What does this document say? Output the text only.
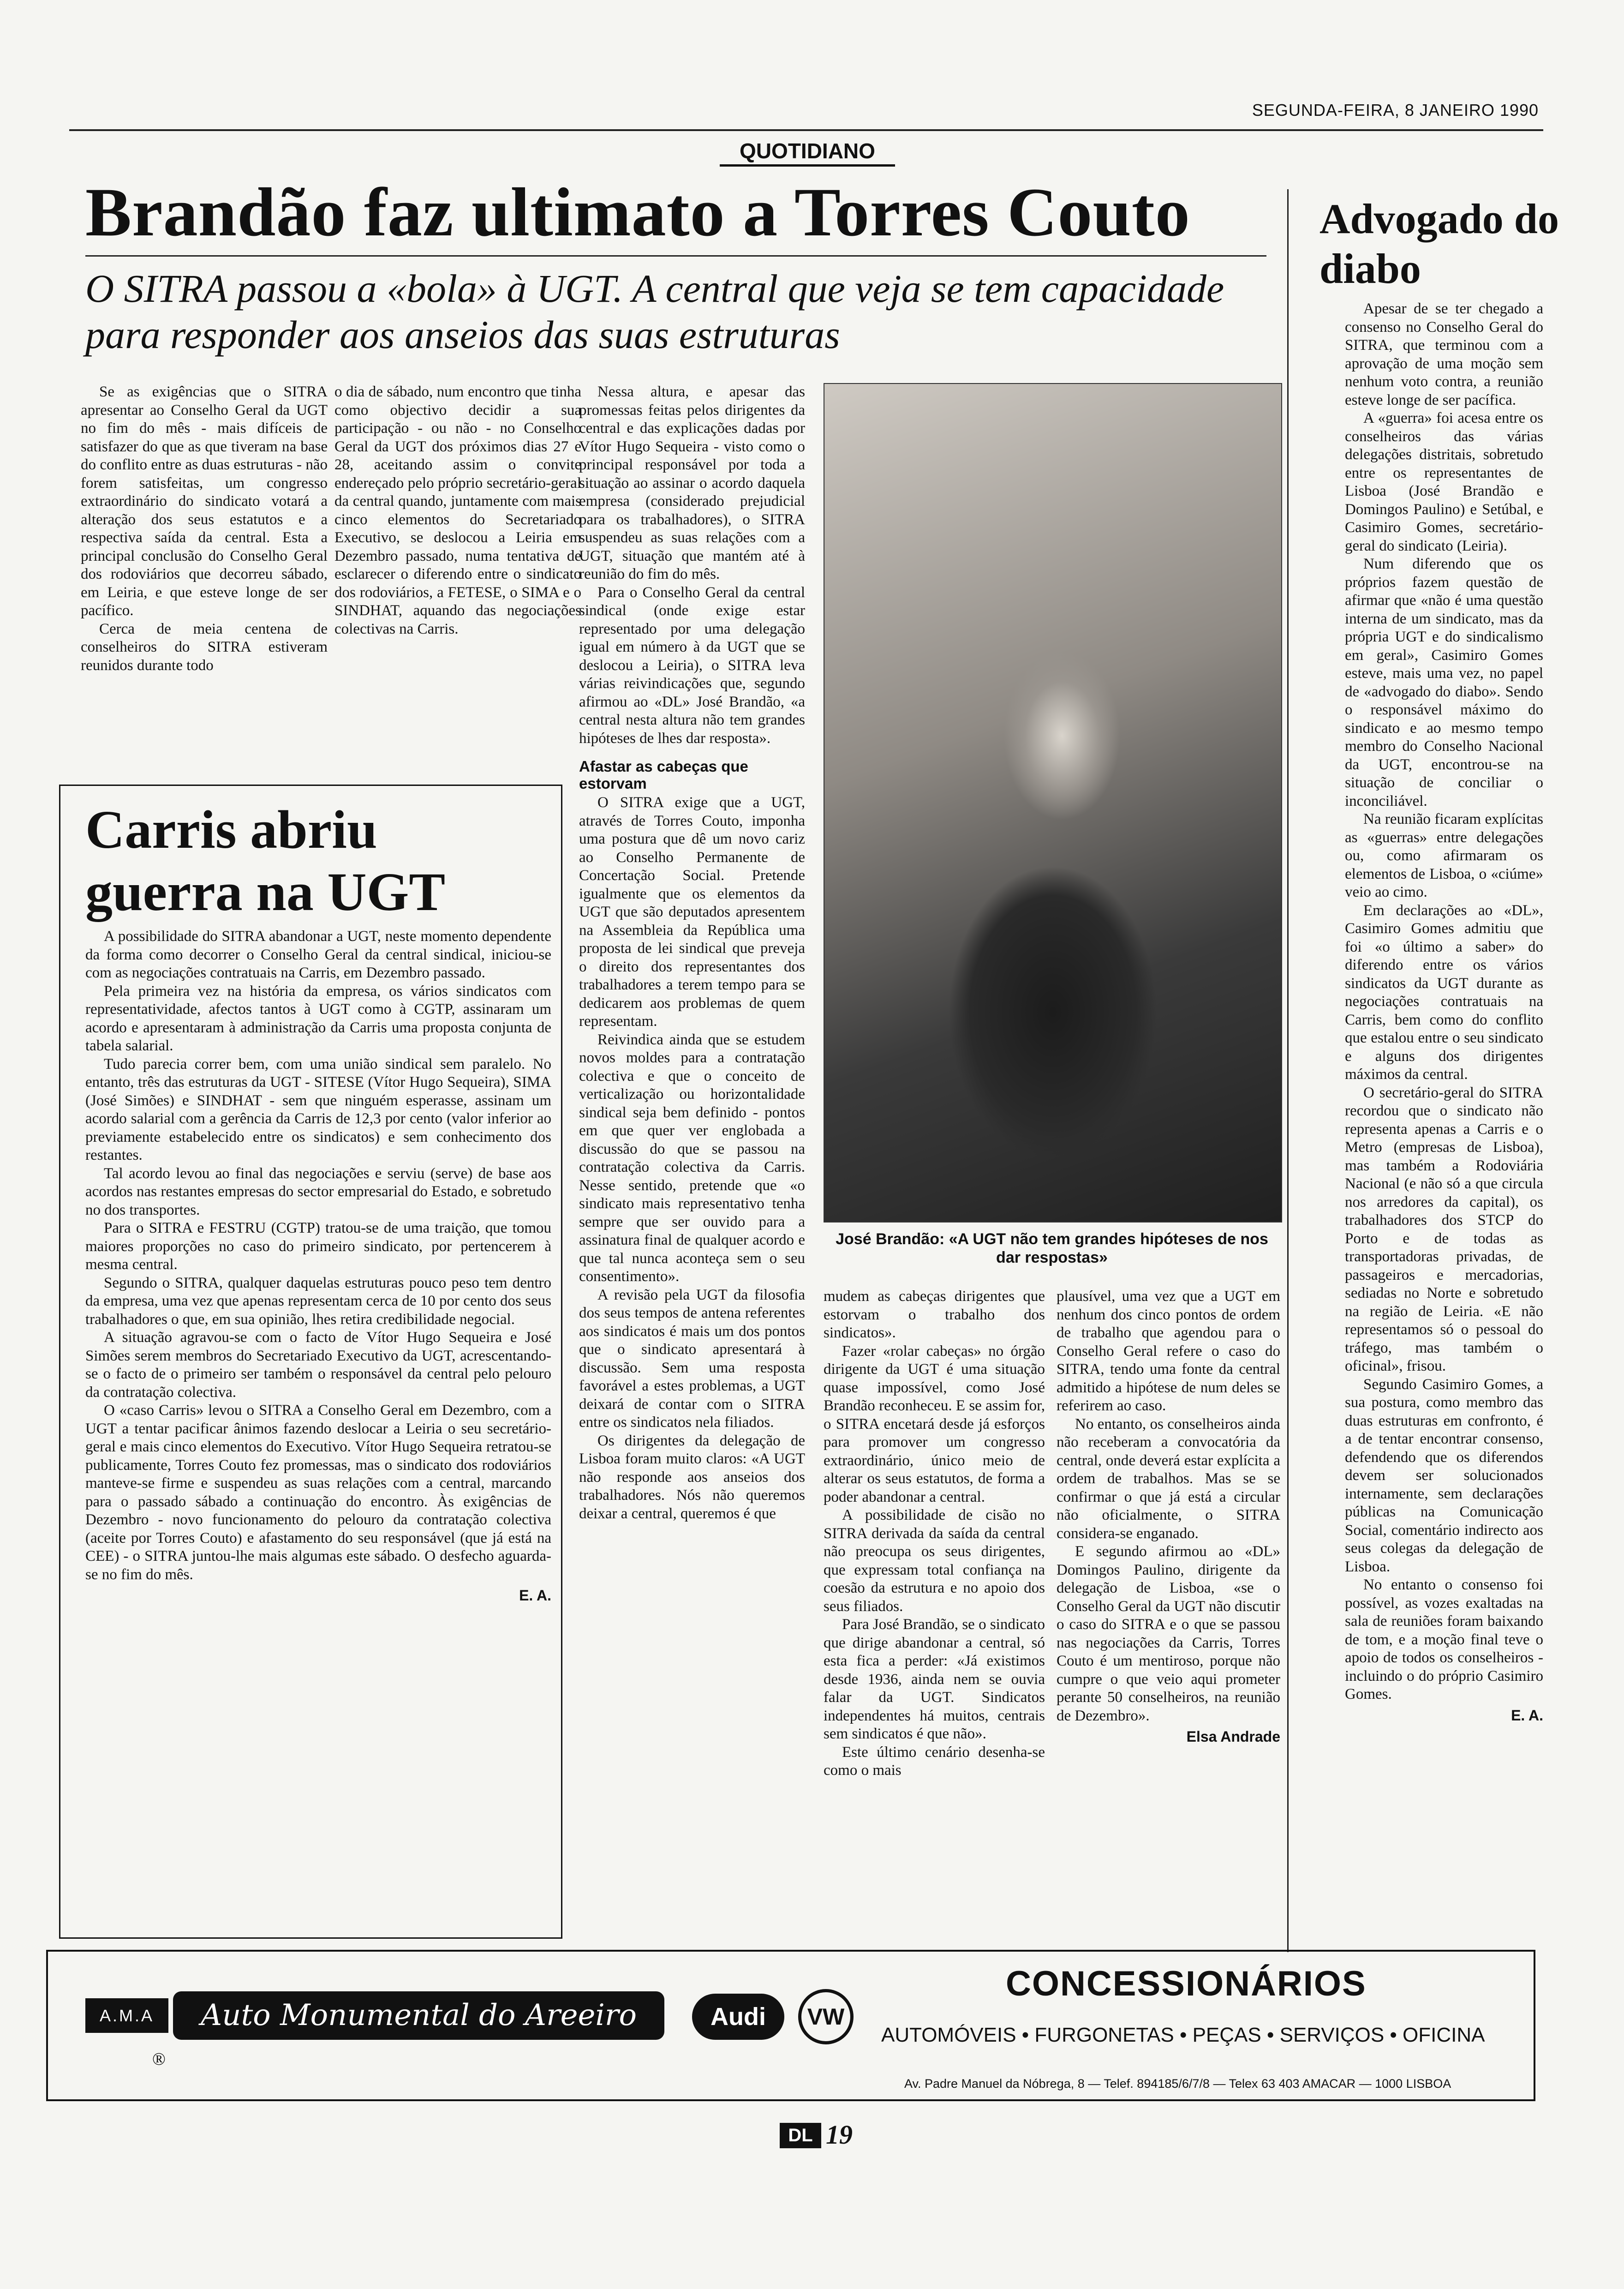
SEGUNDA-FEIRA, 8 JANEIRO 1990
QUOTIDIANO
Brandão faz ultimato a Torres Couto
O SITRA passou a «bola» à UGT. A central que veja se tem capacidade para responder aos anseios das suas estruturas

Se as exigências que o SITRA apresentar ao Conselho Geral da UGT no fim do mês - mais difíceis de satisfazer do que as que tiveram na base do conflito entre as duas estruturas - não forem satisfeitas, um congresso extraordinário do sindicato votará a alteração dos seus estatutos e a respectiva saída da central. Esta a principal conclusão do Conselho Geral dos rodoviários que decorreu sábado, em Leiria, e que esteve longe de ser pacífico.

Cerca de meia centena de conselheiros do SITRA estiveram reunidos durante todo

o dia de sábado, num encontro que tinha como objectivo decidir a sua participação - ou não - no Conselho Geral da UGT dos próximos dias 27 e 28, aceitando assim o convite endereçado pelo próprio secretário-geral da central quando, juntamente com mais cinco elementos do Secretariado Executivo, se deslocou a Leiria em Dezembro passado, numa tentativa de esclarecer o diferendo entre o sindicato dos rodoviários, a FETESE, o SIMA e o SINDHAT, aquando das negociações colectivas na Carris.

Nessa altura, e apesar das promessas feitas pelos dirigentes da central e das explicações dadas por Vítor Hugo Sequeira - visto como o principal responsável por toda a situação ao assinar o acordo daquela empresa (considerado prejudicial para os trabalhadores), o SITRA suspendeu as suas relações com a UGT, situação que mantém até à reunião do fim do mês.

Para o Conselho Geral da central sindical (onde exige estar representado por uma delegação igual em número à da UGT que se deslocou a Leiria), o SITRA leva várias reivindicações que, segundo afirmou ao «DL» José Brandão, «a central nesta altura não tem grandes hipóteses de lhes dar resposta».

Afastar as cabeças que estorvam

O SITRA exige que a UGT, através de Torres Couto, imponha uma postura que dê um novo cariz ao Conselho Permanente de Concertação Social. Pretende igualmente que os elementos da UGT que são deputados apresentem na Assembleia da República uma proposta de lei sindical que preveja o direito dos representantes dos trabalhadores a terem tempo para se dedicarem aos problemas de quem representam.

Reivindica ainda que se estudem novos moldes para a contratação colectiva e que o conceito de verticalização ou horizontalidade sindical seja bem definido - pontos em que quer ver englobada a discussão do que se passou na contratação colectiva da Carris. Nesse sentido, pretende que «o sindicato mais representativo tenha sempre que ser ouvido para a assinatura final de qualquer acordo e que tal nunca aconteça sem o seu consentimento».

A revisão pela UGT da filosofia dos seus tempos de antena referentes aos sindicatos é mais um dos pontos que o sindicato apresentará à discussão. Sem uma resposta favorável a estes problemas, a UGT deixará de contar com o SITRA entre os sindicatos nela filiados.

Os dirigentes da delegação de Lisboa foram muito claros: «A UGT não responde aos anseios dos trabalhadores. Nós não queremos deixar a central, queremos é que

José Brandão: «A UGT não tem grandes hipóteses de nos dar respostas»

mudem as cabeças dirigentes que estorvam o trabalho dos sindicatos».

Fazer «rolar cabeças» no órgão dirigente da UGT é uma situação quase impossível, como José Brandão reconheceu. E se assim for, o SITRA encetará desde já esforços para promover um congresso extraordinário, único meio de alterar os seus estatutos, de forma a poder abandonar a central.

A possibilidade de cisão no SITRA derivada da saída da central não preocupa os seus dirigentes, que expressam total confiança na coesão da estrutura e no apoio dos seus filiados.

Para José Brandão, se o sindicato que dirige abandonar a central, só esta fica a perder: «Já existimos desde 1936, ainda nem se ouvia falar da UGT. Sindicatos independentes há muitos, centrais sem sindicatos é que não».

Este último cenário desenha-se como o mais

plausível, uma vez que a UGT em nenhum dos cinco pontos de ordem de trabalho que agendou para o Conselho Geral refere o caso do SITRA, tendo uma fonte da central admitido a hipótese de num deles se referirem ao caso.

No entanto, os conselheiros ainda não receberam a convocatória da central, onde deverá estar explícita a ordem de trabalhos. Mas se se confirmar o que já está a circular não oficialmente, o SITRA considera-se enganado.

E segundo afirmou ao «DL» Domingos Paulino, dirigente da delegação de Lisboa, «se o Conselho Geral da UGT não discutir o caso do SITRA e o que se passou nas negociações da Carris, Torres Couto é um mentiroso, porque não cumpre o que veio aqui prometer perante 50 conselheiros, na reunião de Dezembro».

Elsa Andrade
Carris abriu guerra na UGT

A possibilidade do SITRA abandonar a UGT, neste momento dependente da forma como decorrer o Conselho Geral da central sindical, iniciou-se com as negociações contratuais na Carris, em Dezembro passado.

Pela primeira vez na história da empresa, os vários sindicatos com representatividade, afectos tantos à UGT como à CGTP, assinaram um acordo e apresentaram à administração da Carris uma proposta conjunta de tabela salarial.

Tudo parecia correr bem, com uma união sindical sem paralelo. No entanto, três das estruturas da UGT - SITESE (Vítor Hugo Sequeira), SIMA (José Simões) e SINDHAT - sem que ninguém esperasse, assinam um acordo salarial com a gerência da Carris de 12,3 por cento (valor inferior ao previamente estabelecido entre os sindicatos) e sem conhecimento dos restantes.

Tal acordo levou ao final das negociações e serviu (serve) de base aos acordos nas restantes empresas do sector empresarial do Estado, e sobretudo no dos transportes.

Para o SITRA e FESTRU (CGTP) tratou-se de uma traição, que tomou maiores proporções no caso do primeiro sindicato, por pertencerem à mesma central.

Segundo o SITRA, qualquer daquelas estruturas pouco peso tem dentro da empresa, uma vez que apenas representam cerca de 10 por cento dos seus trabalhadores o que, em sua opinião, lhes retira credibilidade negocial.

A situação agravou-se com o facto de Vítor Hugo Sequeira e José Simões serem membros do Secretariado Executivo da UGT, acrescentando-se o facto de o primeiro ser também o responsável da central pelo pelouro da contratação colectiva.

O «caso Carris» levou o SITRA a Conselho Geral em Dezembro, com a UGT a tentar pacificar ânimos fazendo deslocar a Leiria o seu secretário-geral e mais cinco elementos do Executivo. Vítor Hugo Sequeira retratou-se publicamente, Torres Couto fez promessas, mas o sindicato dos rodoviários manteve-se firme e suspendeu as suas relações com a central, marcando para o passado sábado a continuação do encontro. Às exigências de Dezembro - novo funcionamento do pelouro da contratação colectiva (aceite por Torres Couto) e afastamento do seu responsável (que já está na CEE) - o SITRA juntou-lhe mais algumas este sábado. O desfecho aguarda-se no fim do mês.

E. A.
Advogado do diabo

Apesar de se ter chegado a consenso no Conselho Geral do SITRA, que terminou com a aprovação de uma moção sem nenhum voto contra, a reunião esteve longe de ser pacífica.

A «guerra» foi acesa entre os conselheiros das várias delegações distritais, sobretudo entre os representantes de Lisboa (José Brandão e Domingos Paulino) e Setúbal, e Casimiro Gomes, secretário-geral do sindicato (Leiria).

Num diferendo que os próprios fazem questão de afirmar que «não é uma questão interna de um sindicato, mas da própria UGT e do sindicalismo em geral», Casimiro Gomes esteve, mais uma vez, no papel de «advogado do diabo». Sendo o responsável máximo do sindicato e ao mesmo tempo membro do Conselho Nacional da UGT, encontrou-se na situação de conciliar o inconciliável.

Na reunião ficaram explícitas as «guerras» entre delegações ou, como afirmaram os elementos de Lisboa, o «ciúme» veio ao cimo.

Em declarações ao «DL», Casimiro Gomes admitiu que foi «o último a saber» do diferendo entre os vários sindicatos da UGT durante as negociações contratuais na Carris, bem como do conflito que estalou entre o seu sindicato e alguns dos dirigentes máximos da central.

O secretário-geral do SITRA recordou que o sindicato não representa apenas a Carris e o Metro (empresas de Lisboa), mas também a Rodoviária Nacional (e não só a que circula nos arredores da capital), os trabalhadores dos STCP do Porto e de todas as transportadoras privadas, de passageiros e mercadorias, sediadas no Norte e sobretudo na região de Leiria. «E não representamos só o pessoal do tráfego, mas também o oficinal», frisou.

Segundo Casimiro Gomes, a sua postura, como membro das duas estruturas em confronto, é a de tentar encontrar consenso, defendendo que os diferendos devem ser solucionados internamente, sem declarações públicas na Comunicação Social, comentário indirecto aos seus colegas da delegação de Lisboa.

No entanto o consenso foi possível, as vozes exaltadas na sala de reuniões foram baixando de tom, e a moção final teve o apoio de todos os conselheiros - incluindo o do próprio Casimiro Gomes.

E. A.
A.M.A	Auto Monumental do Areeiro
®
Audi	VW
CONCESSIONÁRIOS
AUTOMÓVEIS • FURGONETAS • PEÇAS • SERVIÇOS • OFICINA
Av. Padre Manuel da Nóbrega, 8 — Telef. 894185/6/7/8 — Telex 63 403 AMACAR — 1000 LISBOA
DL 19
